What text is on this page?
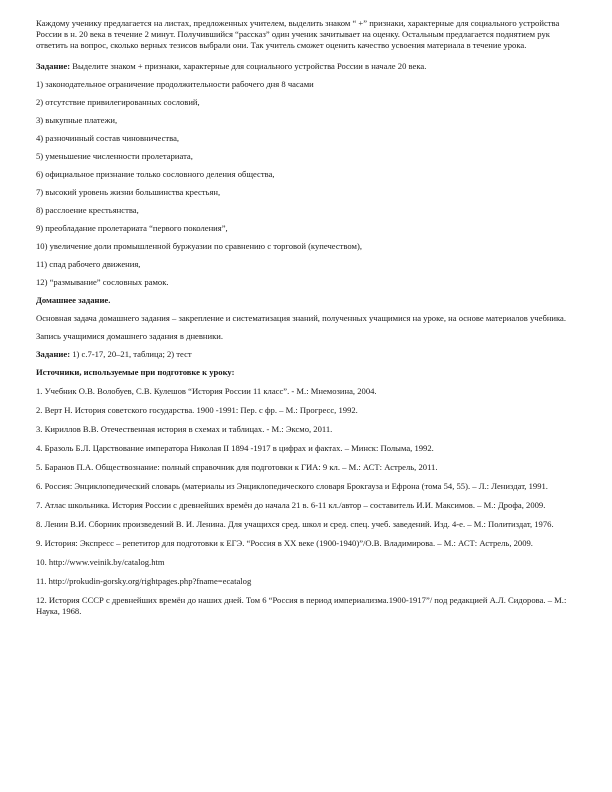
Каждому ученику предлагается на листах, предложенных учителем, выделить знаком “ +” признаки, характерные для социального устройства России в н. 20 века в течение 2 минут. Получившийся “рассказ” один ученик зачитывает на оценку. Остальным предлагается поднятием рук ответить на вопрос, сколько верных тезисов выбрали они. Так учитель сможет оценить качество усвоения материала в течение урока.

Задание: Выделите знаком + признаки, характерные для социального устройства России в начале 20 века.

1) законодательное ограничение продолжительности рабочего дня 8 часами

2) отсутствие привилегированных сословий,

3) выкупные платежи,

4) разночинный состав чиновничества,

5) уменьшение численности пролетариата,

6) официальное признание только сословного деления общества,

7) высокий уровень жизни большинства крестьян,

8) расслоение крестьянства,

9) преобладание пролетариата “первого поколения”,

10) увеличение доли промышленной буржуазии по сравнению с торговой (купечеством),

11) спад рабочего движения,

12) “размывание” сословных рамок.

Домашнее задание.

Основная задача домашнего задания – закрепление и систематизация знаний, полученных учащимися на уроке, на основе материалов учебника.

Запись учащимися домашнего задания в дневники.

Задание: 1) с.7-17, 20–21, таблица; 2) тест

Источники, используемые при подготовке к уроку:

1. Учебник О.В. Волобуев, С.В. Кулешов “История России 11 класс”. - М.: Мнемозина, 2004.

2. Верт Н. История советского государства. 1900 -1991: Пер. с фр. – М.: Прогресс, 1992.

3. Кириллов В.В. Отечественная история в схемах и таблицах. - М.: Эксмо, 2011.

4. Бразоль Б.Л. Царствование императора Николая II 1894 -1917 в цифрах и фактах. – Минск: Полыма, 1992.

5. Баранов П.А. Обществознание: полный справочник для подготовки к ГИА: 9 кл. – М.: АСТ: Астрель, 2011.

6. Россия: Энциклопедический словарь (материалы из Энциклопедического словаря Брокгауза и Ефрона (тома 54, 55). – Л.: Лениздат, 1991.

7. Атлас школьника. История России с древнейших времён до начала 21 в. 6-11 кл./автор – составитель И.И. Максимов. – М.: Дрофа, 2009.

8. Ленин В.И. Сборник произведений В. И. Ленина. Для учащихся сред. школ и сред. спец. учеб. заведений. Изд. 4-е. – М.: Политиздат, 1976.

9. История: Экспресс – репетитор для подготовки к ЕГЭ. “Россия в XX веке (1900-1940)”/О.В. Владимирова. – М.: АСТ: Астрель, 2009.

10. http://www.veinik.by/catalog.htm

11. http://prokudin-gorsky.org/rightpages.php?fname=ecatalog

12. История СССР с древнейших времён до наших дней. Том 6 “Россия в период империализма.1900-1917”/ под редакцией А.Л. Сидорова. – М.: Наука, 1968.
